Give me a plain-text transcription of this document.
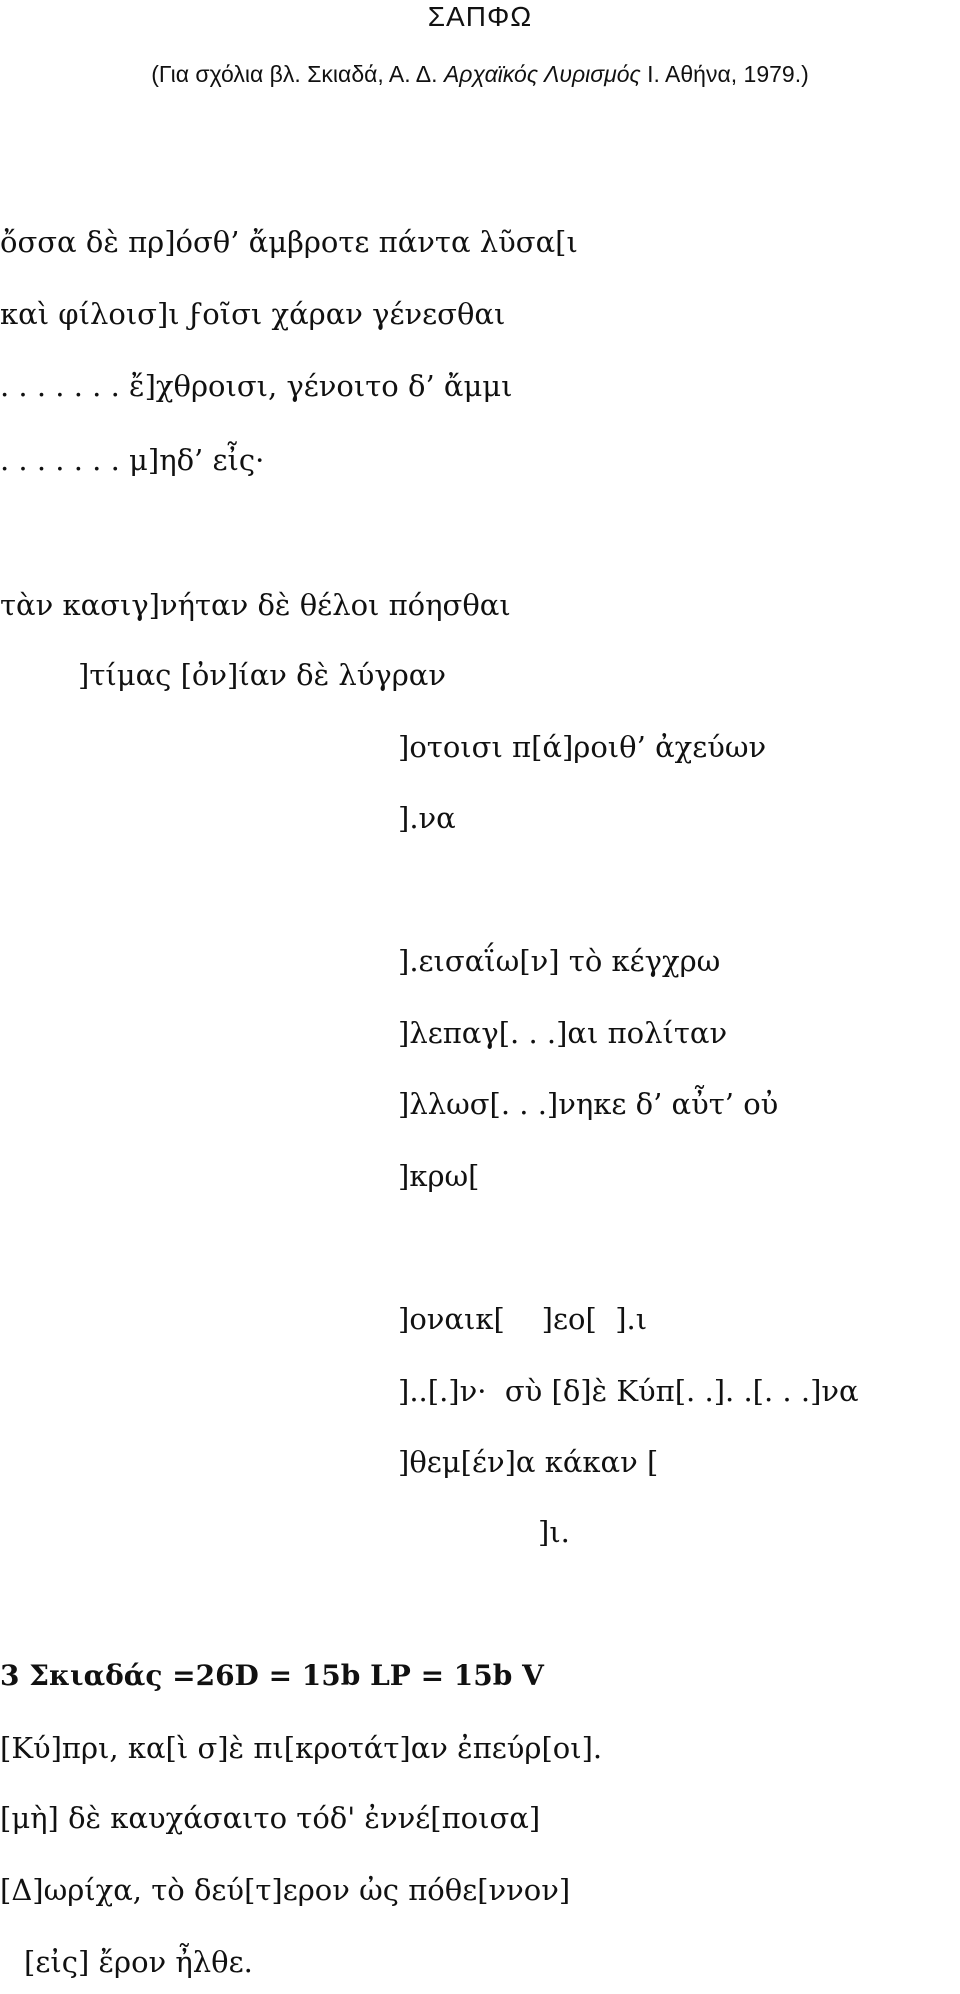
ΣΑΠΦΩ
(Για σχόλια βλ. Σκιαδά, Α. Δ. Αρχαϊκός Λυρισμός Ι. Αθήνα, 1979.)
ὄσσα δὲ πρ]όσθ’ ἄμβροτε πάντα λῦσα[ι
καὶ φίλοισ]ι ϝοῖσι χάραν γένεσθαι
. . . . . . . ἔ]χθροισι, γένοιτο δ’ ἄμμι
. . . . . . . μ]ηδ’ εἶς·
τὰν κασιγ]νήταν δὲ θέλοι πόησθαι
]τίμας [ὀν]ίαν δὲ λύγραν
]οτοισι π[ά]ροιθ’ ἀχεύων
].να
].εισαΐω[ν] τὸ κέγχρω
]λεπαγ[. . .]αι πολίταν
]λλωσ[. . .]νηκε δ’ αὖτ’ οὐ
]κρω[
]οναικ[    ]εο[  ].ι
]..[.]ν·  σὺ [δ]ὲ Κύπ[. .]. .[. . .]να
]θεμ[έν]α κάκαν [
]ι.
3 Σκιαδάς =26D = 15b LP = 15b V
[Κύ]πρι, κα[ὶ σ]ὲ πι[κροτάτ]αν ἐπεύρ[οι].
[μὴ] δὲ καυχάσαιτο τόδ' ἐννέ[ποισα]
[Δ]ωρίχα, τὸ δεύ[τ]ερον ὠς πόθε[ννον]
[εἰς] ἔρον ἦλθε.
